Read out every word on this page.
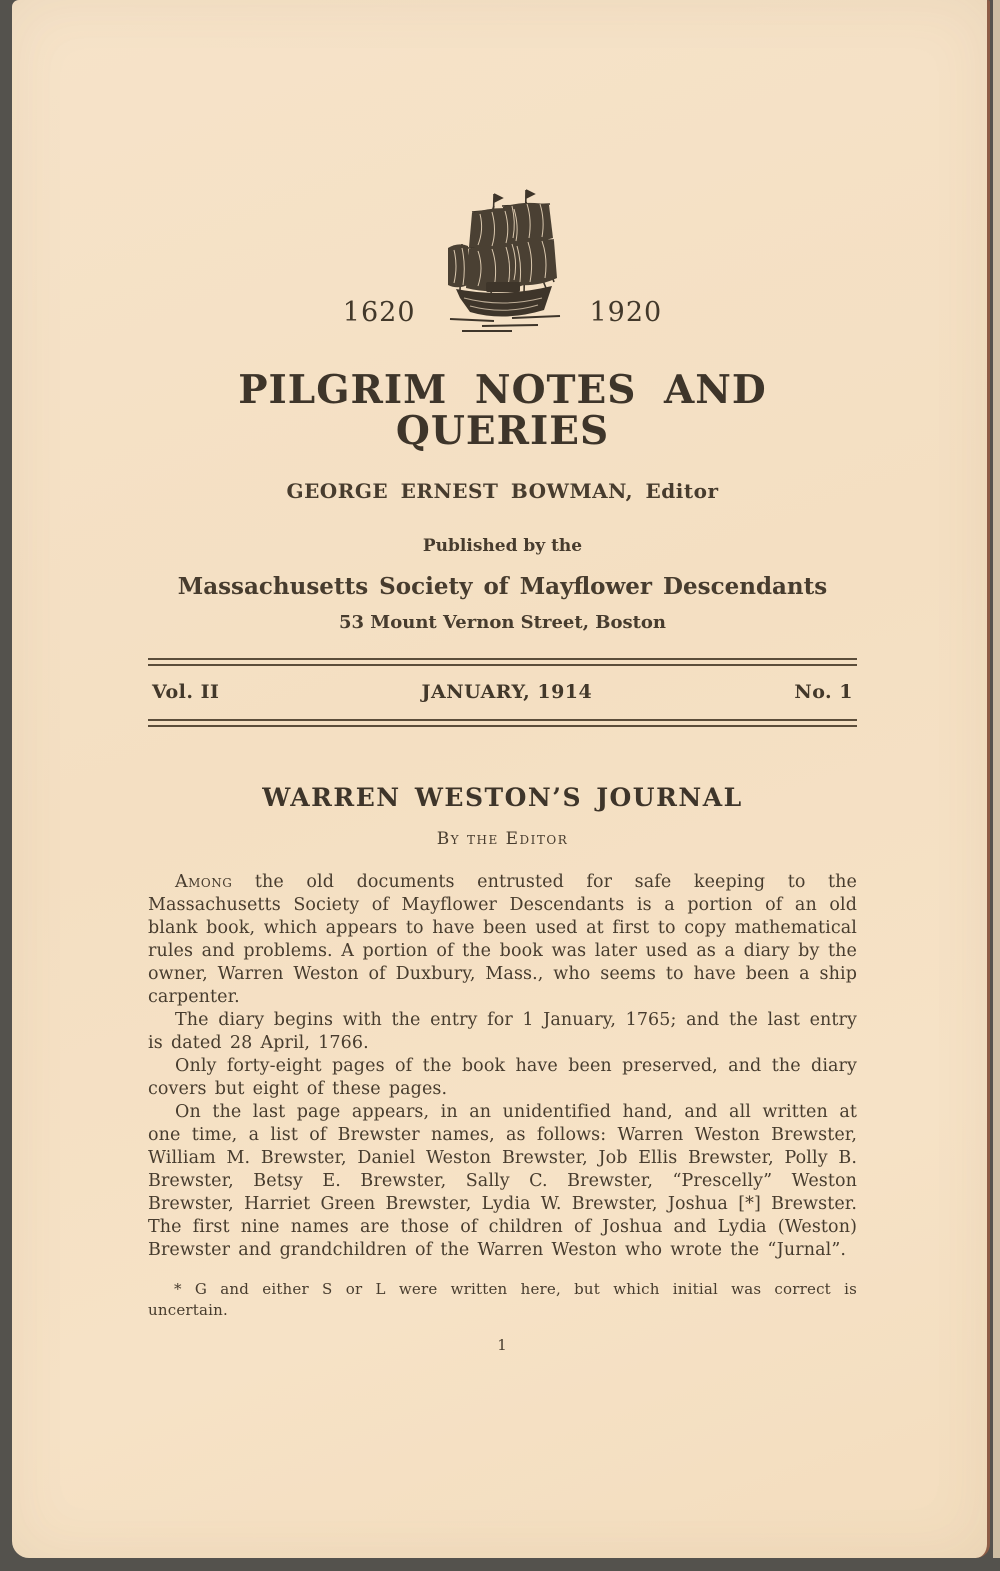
1620	1920
PILGRIM NOTES AND QUERIES
GEORGE ERNEST BOWMAN, Editor
Published by the
Massachusetts Society of Mayflower Descendants
53 Mount Vernon Street, Boston
Vol. II	JANUARY, 1914	No. 1
WARREN WESTON’S JOURNAL
By the Editor

Among the old documents entrusted for safe keeping to the Massachusetts Society of Mayflower Descendants is a portion of an old blank book, which appears to have been used at first to copy mathematical rules and problems. A portion of the book was later used as a diary by the owner, Warren Weston of Duxbury, Mass., who seems to have been a ship carpenter.

The diary begins with the entry for 1 January, 1765; and the last entry is dated 28 April, 1766.

Only forty-eight pages of the book have been preserved, and the diary covers but eight of these pages.

On the last page appears, in an unidentified hand, and all written at one time, a list of Brewster names, as follows: Warren Weston Brewster, William M. Brewster, Daniel Weston Brewster, Job Ellis Brewster, Polly B. Brewster, Betsy E. Brewster, Sally C. Brewster, “Prescelly” Weston Brewster, Harriet Green Brewster, Lydia W. Brewster, Joshua [*] Brewster. The first nine names are those of children of Joshua and Lydia (Weston) Brewster and grandchildren of the Warren Weston who wrote the “Jurnal”.

* G and either S or L were written here, but which initial was correct is uncertain.
1
